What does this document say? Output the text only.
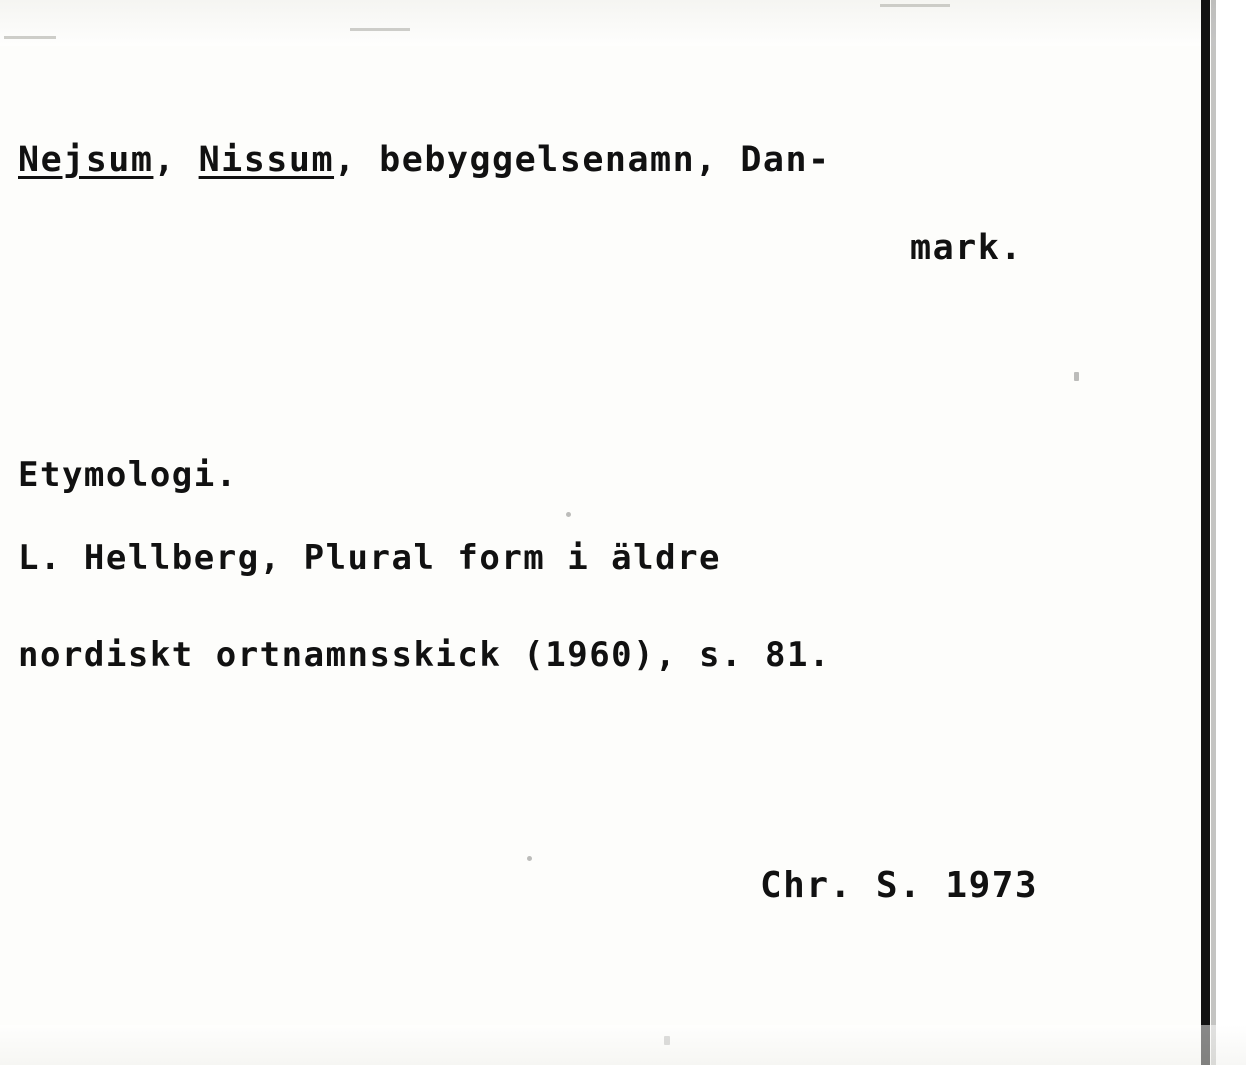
Nejsum, Nissum, bebyggelsenamn, Dan-
mark.
Etymologi.
L. Hellberg, Plural form i äldre
nordiskt ortnamnsskick (1960), s. 81.
Chr. S. 1973
